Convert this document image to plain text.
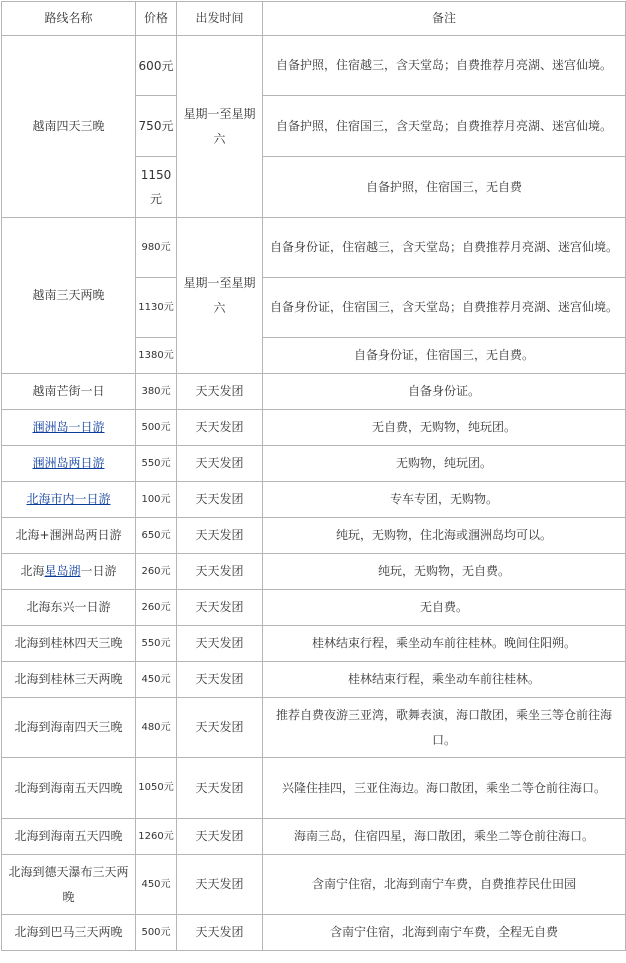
路线名称	价格	出发时间	备注
越南四天三晚	600元	星期一至星期六	自备护照，住宿越三，含天堂岛；自费推荐月亮湖、迷宫仙境。
	750元		自备护照，住宿国三，含天堂岛；自费推荐月亮湖、迷宫仙境。
	1150元		自备护照，住宿国三，无自费
越南三天两晚	980元	星期一至星期六	自备身份证，住宿越三，含天堂岛；自费推荐月亮湖、迷宫仙境。
	1130元		自备身份证，住宿国三，含天堂岛；自费推荐月亮湖、迷宫仙境。
	1380元		自备身份证，住宿国三，无自费。
越南芒街一日	380元	天天发团	自备身份证。
涠洲岛一日游	500元	天天发团	无自费，无购物，纯玩团。
涠洲岛两日游	550元	天天发团	无购物，纯玩团。
北海市内一日游	100元	天天发团	专车专团，无购物。
北海+涠洲岛两日游	650元	天天发团	纯玩，无购物，住北海或涠洲岛均可以。
北海星岛湖一日游	260元	天天发团	纯玩，无购物，无自费。
北海东兴一日游	260元	天天发团	无自费。
北海到桂林四天三晚	550元	天天发团	桂林结束行程，乘坐动车前往桂林。晚间住阳朔。
北海到桂林三天两晚	450元	天天发团	桂林结束行程，乘坐动车前往桂林。
北海到海南四天三晚	480元	天天发团	推荐自费夜游三亚湾，歌舞表演，海口散团，乘坐三等仓前往海口。
北海到海南五天四晚	1050元	天天发团	兴隆住挂四，三亚住海边。海口散团，乘坐二等仓前往海口。
北海到海南五天四晚	1260元	天天发团	海南三岛，住宿四星，海口散团，乘坐二等仓前往海口。
北海到德天瀑布三天两晚	450元	天天发团	含南宁住宿，北海到南宁车费，自费推荐民仕田园
北海到巴马三天两晚	500元	天天发团	含南宁住宿，北海到南宁车费，全程无自费
